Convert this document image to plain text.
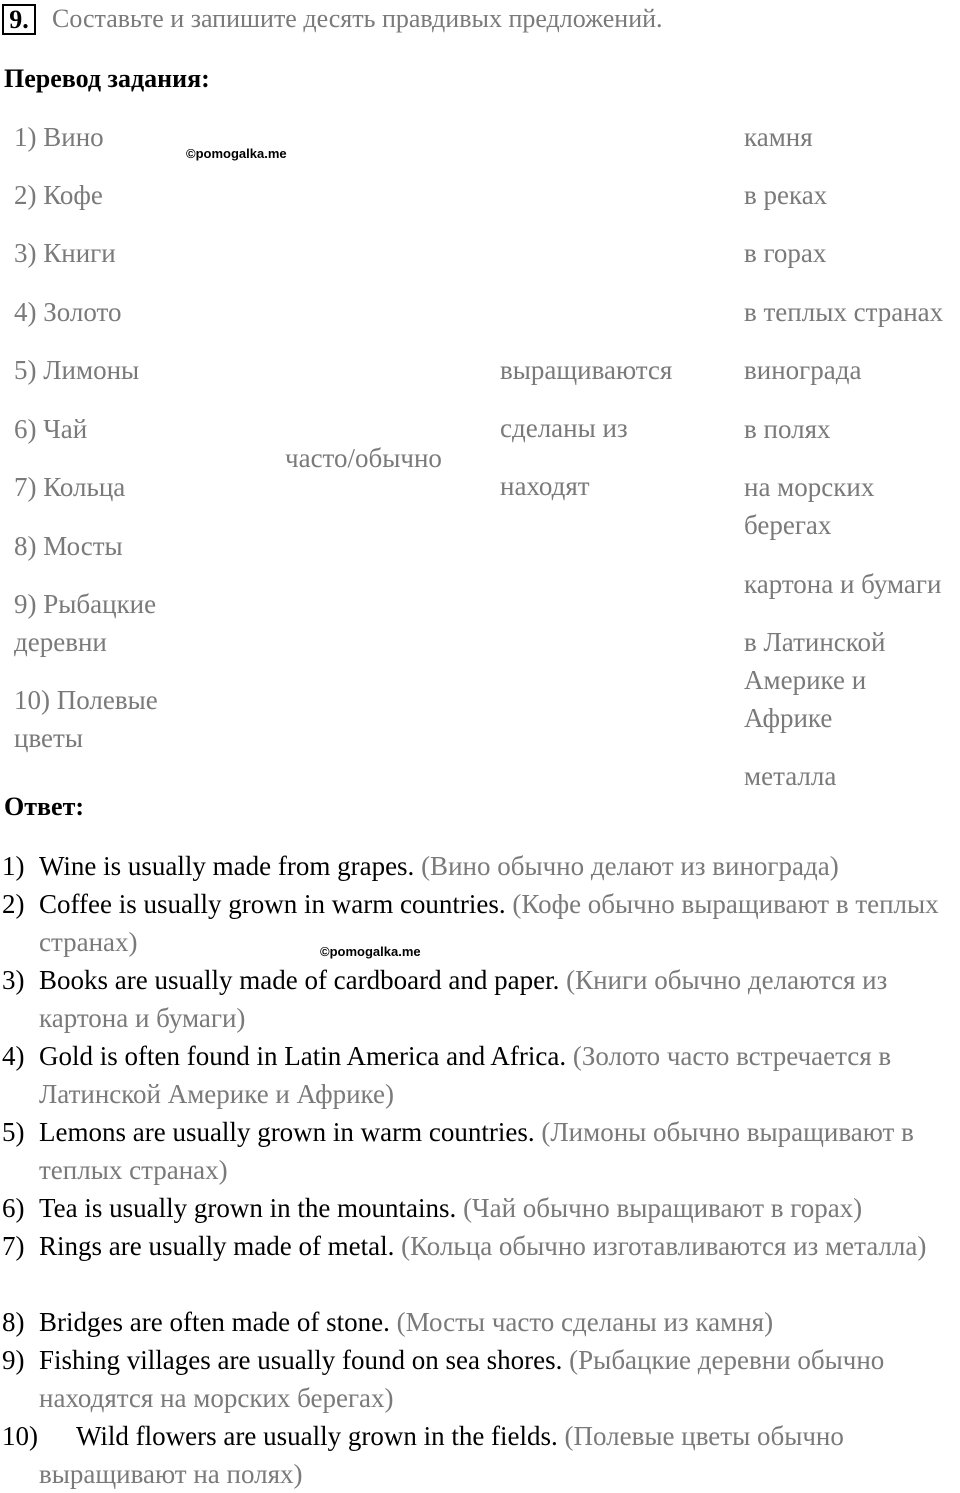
9. Составьте и запишите десять правдивых предложений.
Перевод задания:
1) Вино
2) Кофе
3) Книги
4) Золото
5) Лимоны
6) Чай
7) Кольца
8) Мосты
9) Рыбацкие деревни
10) Полевые цветы
©pomogalka.me
часто/обычно
выращиваются
сделаны из
находят
камня
в реках
в горах
в теплых странах
винограда
в полях
на морских берегах
картона и бумаги
в Латинской Америке и Африке
металла
Ответ:
1) Wine is usually made from grapes. (Вино обычно делают из винограда)
2) Coffee is usually grown in warm countries. (Кофе обычно выращивают в теплых странах)	©pomogalka.me
3) Books are usually made of cardboard and paper. (Книги обычно делаются из картона и бумаги)
4) Gold is often found in Latin America and Africa. (Золото часто встречается в Латинской Америке и Африке)
5) Lemons are usually grown in warm countries. (Лимоны обычно выращивают в теплых странах)
6) Tea is usually grown in the mountains. (Чай обычно выращивают в горах)
7) Rings are usually made of metal. (Кольца обычно изготавливаются из металла)
8) Bridges are often made of stone. (Мосты часто сделаны из камня)
9) Fishing villages are usually found on sea shores. (Рыбацкие деревни обычно находятся на морских берегах)
10)	Wild flowers are usually grown in the fields. (Полевые цветы обычно выращивают на полях)
